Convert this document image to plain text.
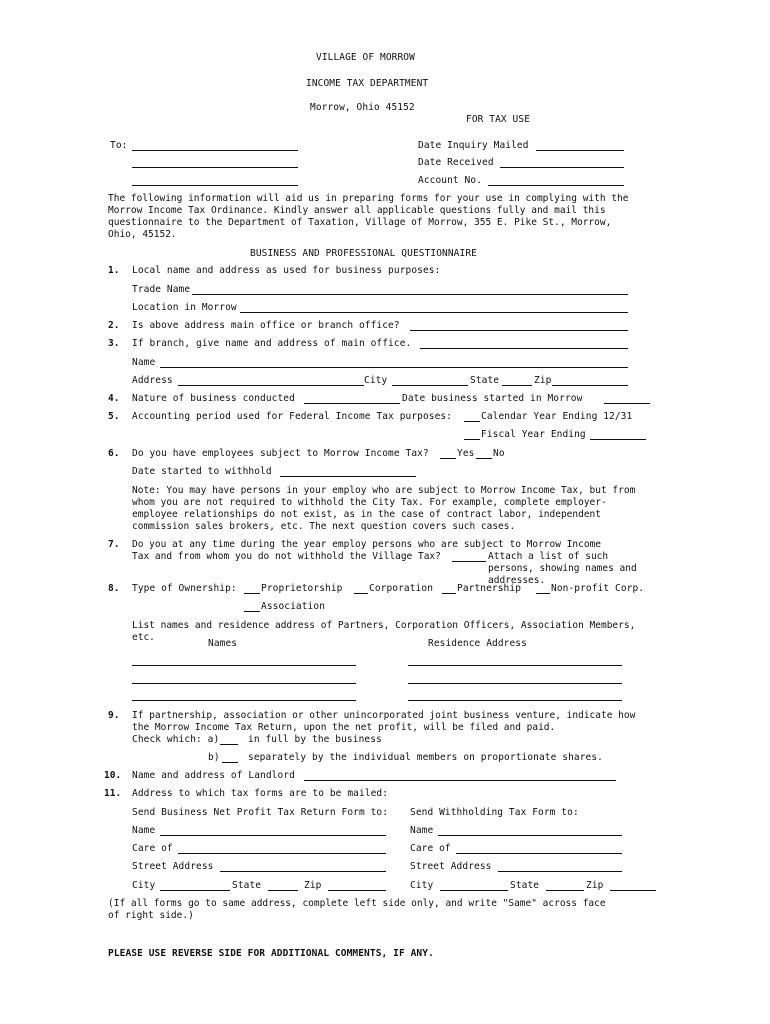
VILLAGE OF MORROW
INCOME TAX DEPARTMENT
Morrow, Ohio 45152
FOR TAX USE
To:	Date Inquiry Mailed
Date Received
Account No.
The following information will aid us in preparing forms for your use in complying with the Morrow Income Tax Ordinance. Kindly answer all applicable questions fully and mail this questionnaire to the Department of Taxation, Village of Morrow, 355 E. Pike St., Morrow, Ohio, 45152.
BUSINESS AND PROFESSIONAL QUESTIONNAIRE
1. Local name and address as used for business purposes:
Trade Name
Location in Morrow
2. Is above address main office or branch office?
3. If branch, give name and address of main office.
Name
Address	City	State	Zip
4. Nature of business conducted	Date business started in Morrow
5. Accounting period used for Federal Income Tax purposes:	Calendar Year Ending 12/31
Fiscal Year Ending
6. Do you have employees subject to Morrow Income Tax?	Yes No
Date started to withhold
Note: You may have persons in your employ who are subject to Morrow Income Tax, but from whom you are not required to withhold the City Tax. For example, complete employer-employee relationships do not exist, as in the case of contract labor, independent commission sales brokers, etc. The next question covers such cases.
7. Do you at any time during the year employ persons who are subject to Morrow Income Tax and from whom you do not withhold the Village Tax?	Attach a list of such persons, showing names and addresses.
8. Type of Ownership:	Proprietorship	Corporation	Partnership	Non-profit Corp.
Association
List names and residence address of Partners, Corporation Officers, Association Members, etc.
Names	Residence Address
9. If partnership, association or other unincorporated joint business venture, indicate how the Morrow Income Tax Return, upon the net profit, will be filed and paid.
Check which: a)	in full by the business
b)	separately by the individual members on proportionate shares.
10. Name and address of Landlord
11. Address to which tax forms are to be mailed:
Send Business Net Profit Tax Return Form to: Send Withholding Tax Form to:
Name	Name
Care of	Care of
Street Address	Street Address
City	State	Zip	City	State	Zip
(If all forms go to same address, complete left side only, and write "Same" across face of right side.)
PLEASE USE REVERSE SIDE FOR ADDITIONAL COMMENTS, IF ANY.
